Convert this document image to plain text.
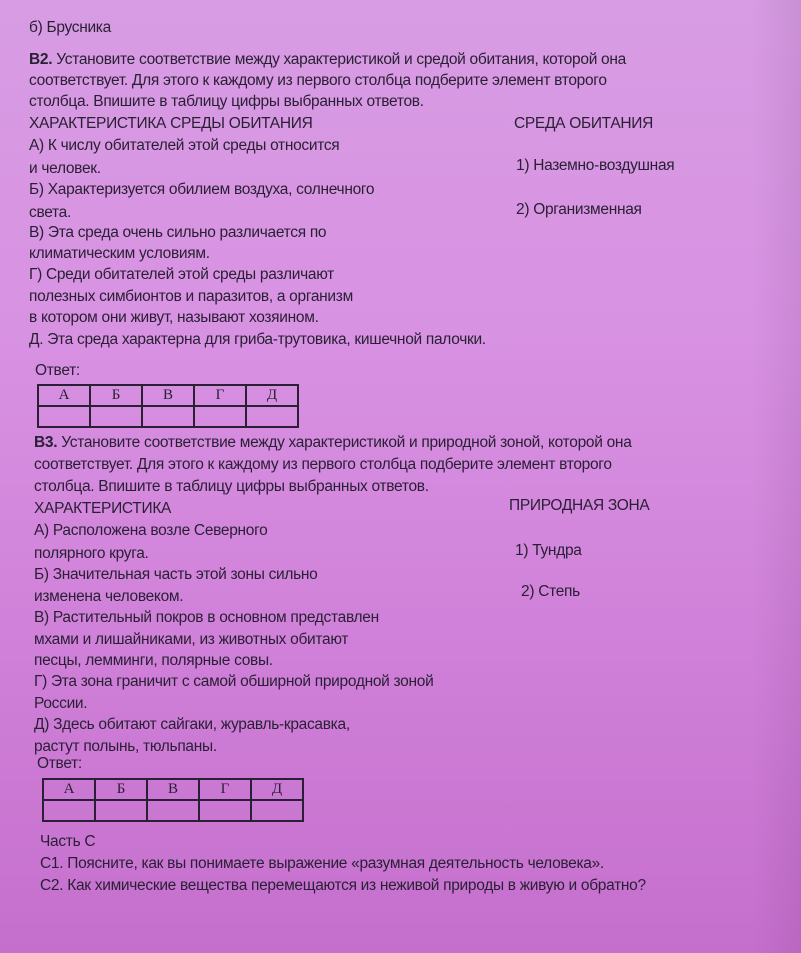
б) Брусника
В2. Установите соответствие между характеристикой и средой обитания, которой она
соответствует. Для этого к каждому из первого столбца подберите элемент второго
столбца. Впишите в таблицу цифры выбранных ответов.
ХАРАКТЕРИСТИКА СРЕДЫ ОБИТАНИЯ	СРЕДА ОБИТАНИЯ
А) К числу обитателей этой среды относится
и человек.
Б) Характеризуется обилием воздуха, солнечного
света.
В) Эта среда очень сильно различается по
климатическим условиям.
Г) Среди обитателей этой среды различают
полезных симбионтов и паразитов, а организм
в котором они живут, называют хозяином.
Д. Эта среда характерна для гриба-трутовика, кишечной палочки.
1) Наземно-воздушная
2) Организменная
Ответ:
А	Б	В	Г	Д

В3. Установите соответствие между характеристикой и природной зоной, которой она
соответствует. Для этого к каждому из первого столбца подберите элемент второго
столбца. Впишите в таблицу цифры выбранных ответов.
ХАРАКТЕРИСТИКА	ПРИРОДНАЯ ЗОНА
А) Расположена возле Северного
полярного круга.
Б) Значительная часть этой зоны сильно
изменена человеком.
В) Растительный покров в основном представлен
мхами и лишайниками, из животных обитают
песцы, лемминги, полярные совы.
Г) Эта зона граничит с самой обширной природной зоной
России.
Д) Здесь обитают сайгаки, журавль-красавка,
растут полынь, тюльпаны.
1) Тундра
2) Степь
Ответ:
А	Б	В	Г	Д

Часть С
С1. Поясните, как вы понимаете выражение «разумная деятельность человека».
С2. Как химические вещества перемещаются из неживой природы в живую и обратно?
